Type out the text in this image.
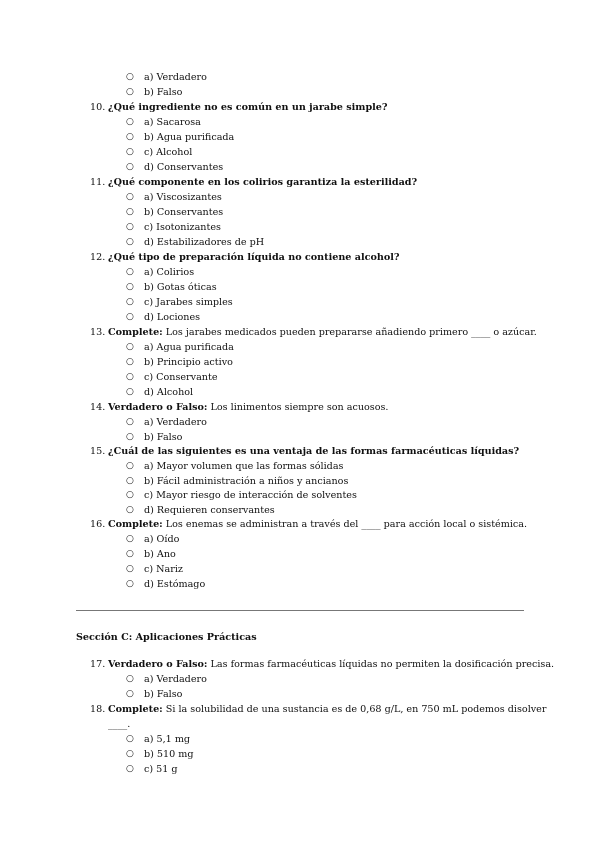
○ a) Verdadero
○ b) Falso
10. ¿Qué ingrediente no es común en un jarabe simple?
○ a) Sacarosa
○ b) Agua purificada
○ c) Alcohol
○ d) Conservantes
11. ¿Qué componente en los colirios garantiza la esterilidad?
○ a) Viscosizantes
○ b) Conservantes
○ c) Isotonizantes
○ d) Estabilizadores de pH
12. ¿Qué tipo de preparación líquida no contiene alcohol?
○ a) Colirios
○ b) Gotas óticas
○ c) Jarabes simples
○ d) Lociones
13. Complete: Los jarabes medicados pueden prepararse añadiendo primero ____ o azúcar.
○ a) Agua purificada
○ b) Principio activo
○ c) Conservante
○ d) Alcohol
14. Verdadero o Falso: Los linimentos siempre son acuosos.
○ a) Verdadero
○ b) Falso
15. ¿Cuál de las siguientes es una ventaja de las formas farmacéuticas líquidas?
○ a) Mayor volumen que las formas sólidas
○ b) Fácil administración a niños y ancianos
○ c) Mayor riesgo de interacción de solventes
○ d) Requieren conservantes
16. Complete: Los enemas se administran a través del ____ para acción local o sistémica.
○ a) Oído
○ b) Ano
○ c) Nariz
○ d) Estómago
Sección C: Aplicaciones Prácticas
17. Verdadero o Falso: Las formas farmacéuticas líquidas no permiten la dosificación precisa.
○ a) Verdadero
○ b) Falso
18. Complete: Si la solubilidad de una sustancia es de 0,68 g/L, en 750 mL podemos disolver
____.
○ a) 5,1 mg
○ b) 510 mg
○ c) 51 g
